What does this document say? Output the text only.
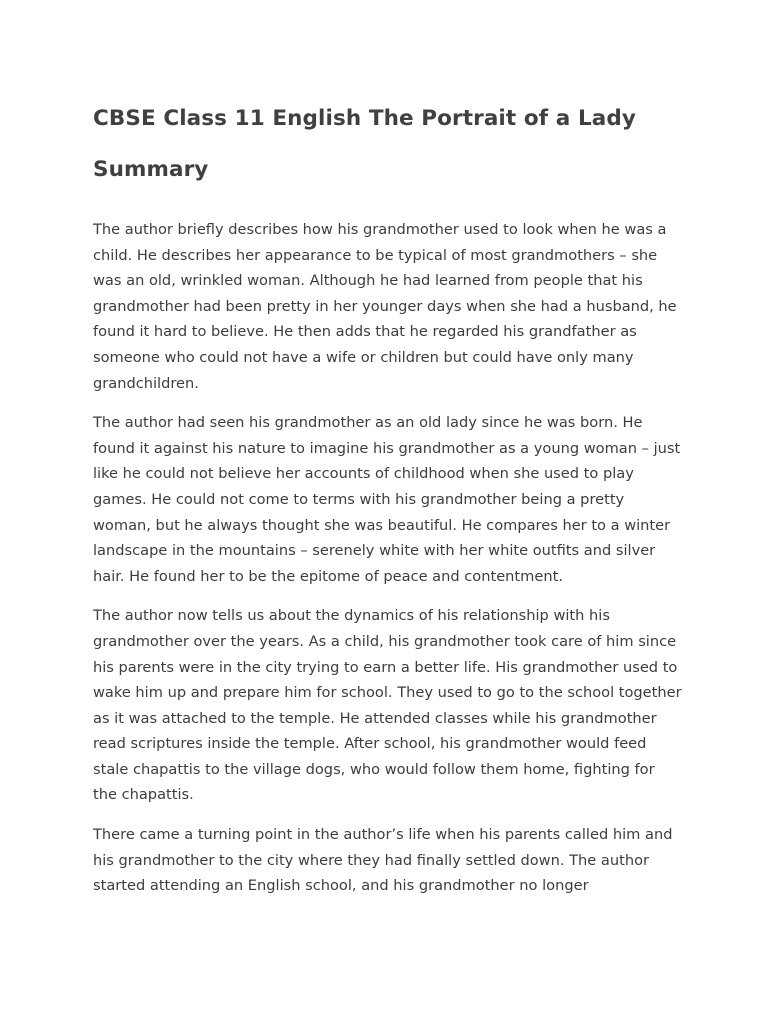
CBSE Class 11 English The Portrait of a Lady Summary

The author briefly describes how his grandmother used to look when he was a child. He describes her appearance to be typical of most grandmothers – she was an old, wrinkled woman. Although he had learned from people that his grandmother had been pretty in her younger days when she had a husband, he found it hard to believe. He then adds that he regarded his grandfather as someone who could not have a wife or children but could have only many grandchildren.

The author had seen his grandmother as an old lady since he was born. He found it against his nature to imagine his grandmother as a young woman – just like he could not believe her accounts of childhood when she used to play games. He could not come to terms with his grandmother being a pretty woman, but he always thought she was beautiful. He compares her to a winter landscape in the mountains – serenely white with her white outfits and silver hair. He found her to be the epitome of peace and contentment.

The author now tells us about the dynamics of his relationship with his grandmother over the years. As a child, his grandmother took care of him since his parents were in the city trying to earn a better life. His grandmother used to wake him up and prepare him for school. They used to go to the school together as it was attached to the temple. He attended classes while his grandmother read scriptures inside the temple. After school, his grandmother would feed stale chapattis to the village dogs, who would follow them home, fighting for the chapattis.

There came a turning point in the author’s life when his parents called him and his grandmother to the city where they had finally settled down. The author started attending an English school, and his grandmother no longer
